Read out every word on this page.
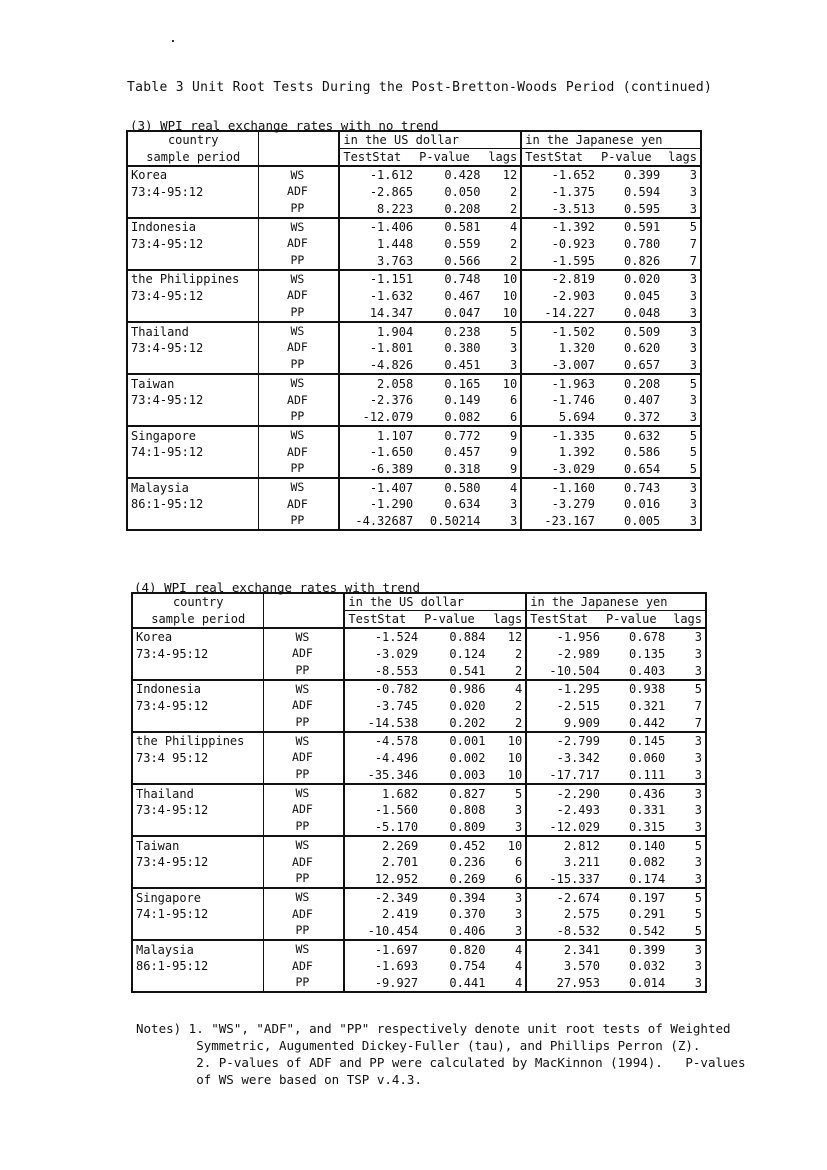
Table 3 Unit Root Tests During the Post-Bretton-Woods Period (continued)
(3) WPI real exchange rates with no trend
country		in the US dollar			in the Japanese yen		
sample period		TestStat	P-value	lags	TestStat	P-value	lags
Korea	WS	-1.612	0.428	12	-1.652	0.399	3
73:4-95:12	ADF	-2.865	0.050	2	-1.375	0.594	3
	PP	8.223	0.208	2	-3.513	0.595	3
Indonesia	WS	-1.406	0.581	4	-1.392	0.591	5
73:4-95:12	ADF	1.448	0.559	2	-0.923	0.780	7
	PP	3.763	0.566	2	-1.595	0.826	7
the Philippines	WS	-1.151	0.748	10	-2.819	0.020	3
73:4-95:12	ADF	-1.632	0.467	10	-2.903	0.045	3
	PP	14.347	0.047	10	-14.227	0.048	3
Thailand	WS	1.904	0.238	5	-1.502	0.509	3
73:4-95:12	ADF	-1.801	0.380	3	1.320	0.620	3
	PP	-4.826	0.451	3	-3.007	0.657	3
Taiwan	WS	2.058	0.165	10	-1.963	0.208	5
73:4-95:12	ADF	-2.376	0.149	6	-1.746	0.407	3
	PP	-12.079	0.082	6	5.694	0.372	3
Singapore	WS	1.107	0.772	9	-1.335	0.632	5
74:1-95:12	ADF	-1.650	0.457	9	1.392	0.586	5
	PP	-6.389	0.318	9	-3.029	0.654	5
Malaysia	WS	-1.407	0.580	4	-1.160	0.743	3
86:1-95:12	ADF	-1.290	0.634	3	-3.279	0.016	3
	PP	-4.32687	0.50214	3	-23.167	0.005	3
(4) WPI real exchange rates with trend
country		in the US dollar			in the Japanese yen		
sample period		TestStat	P-value	lags	TestStat	P-value	lags
Korea	WS	-1.524	0.884	12	-1.956	0.678	3
73:4-95:12	ADF	-3.029	0.124	2	-2.989	0.135	3
	PP	-8.553	0.541	2	-10.504	0.403	3
Indonesia	WS	-0.782	0.986	4	-1.295	0.938	5
73:4-95:12	ADF	-3.745	0.020	2	-2.515	0.321	7
	PP	-14.538	0.202	2	9.909	0.442	7
the Philippines	WS	-4.578	0.001	10	-2.799	0.145	3
73:4 95:12	ADF	-4.496	0.002	10	-3.342	0.060	3
	PP	-35.346	0.003	10	-17.717	0.111	3
Thailand	WS	1.682	0.827	5	-2.290	0.436	3
73:4-95:12	ADF	-1.560	0.808	3	-2.493	0.331	3
	PP	-5.170	0.809	3	-12.029	0.315	3
Taiwan	WS	2.269	0.452	10	2.812	0.140	5
73:4-95:12	ADF	2.701	0.236	6	3.211	0.082	3
	PP	12.952	0.269	6	-15.337	0.174	3
Singapore	WS	-2.349	0.394	3	-2.674	0.197	5
74:1-95:12	ADF	2.419	0.370	3	2.575	0.291	5
	PP	-10.454	0.406	3	-8.532	0.542	5
Malaysia	WS	-1.697	0.820	4	2.341	0.399	3
86:1-95:12	ADF	-1.693	0.754	4	3.570	0.032	3
	PP	-9.927	0.441	4	27.953	0.014	3
Notes) 1. "WS", "ADF", and "PP" respectively denote unit root tests of Weighted
Symmetric, Augumented Dickey-Fuller (tau), and Phillips Perron (Z).
2. P-values of ADF and PP were calculated by MacKinnon (1994).   P-values
of WS were based on TSP v.4.3.
